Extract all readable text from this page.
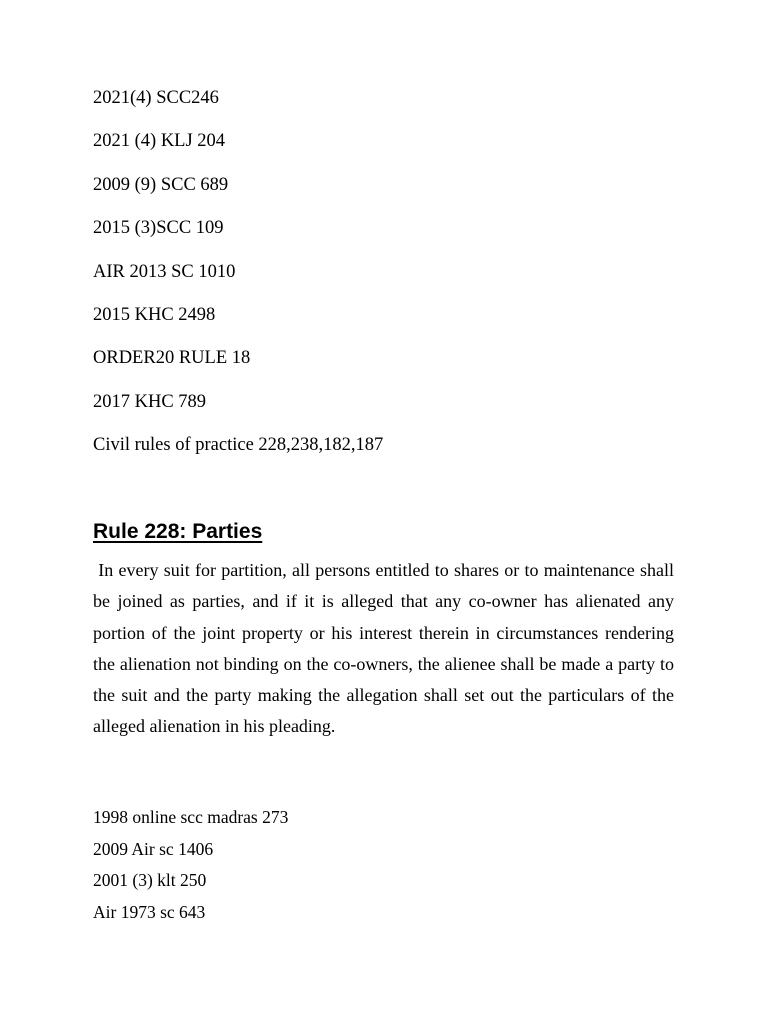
2021(4) SCC246
2021 (4) KLJ 204
2009 (9) SCC 689
2015 (3)SCC 109
AIR 2013 SC 1010
2015 KHC 2498
ORDER20 RULE 18
2017 KHC 789
Civil rules of practice 228,238,182,187
Rule 228: Parties

In every suit for partition, all persons entitled to shares or to maintenance shall be joined as parties, and if it is alleged that any co-owner has alienated any portion of the joint property or his interest therein in circumstances rendering the alienation not binding on the co-owners, the alienee shall be made a party to the suit and the party making the allegation shall set out the particulars of the alleged alienation in his pleading.

1998 online scc madras 273
2009 Air sc 1406
2001 (3) klt 250
Air 1973 sc 643
